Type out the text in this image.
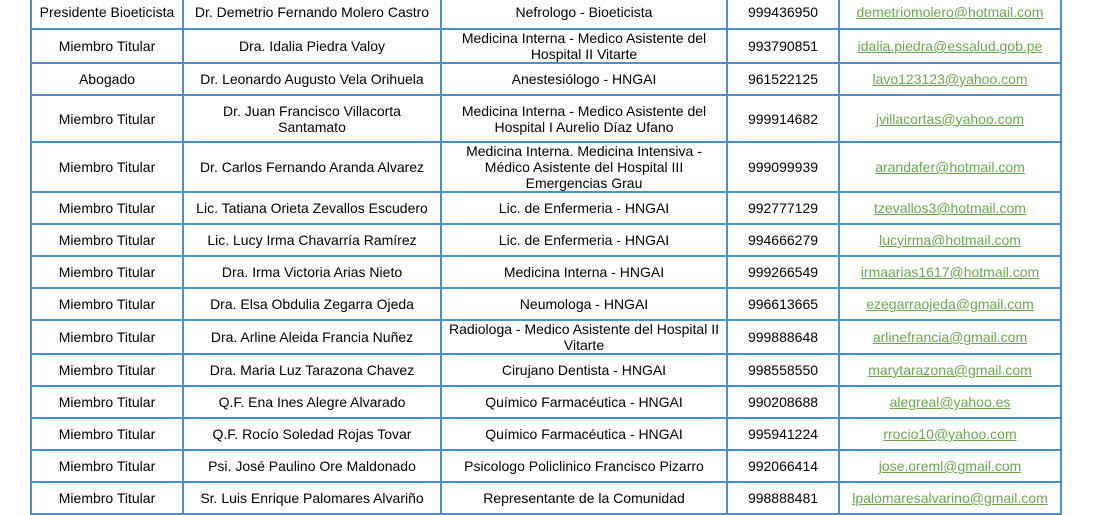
Presidente Bioeticista	Dr. Demetrio Fernando Molero Castro	Nefrologo - Bioeticista	999436950	demetriomolero@hotmail.com
Miembro Titular	Dra. Idalia Piedra Valoy	Medicina Interna - Medico Asistente del Hospital II Vitarte	993790851	idalia.piedra@essalud.gob.pe
Abogado	Dr. Leonardo Augusto Vela Orihuela	Anestesiólogo - HNGAI	961522125	lavo123123@yahoo.com
Miembro Titular	Dr. Juan Francisco Villacorta Santamato	Medicina Interna - Medico Asistente del Hospital I Aurelio Díaz Ufano	999914682	jvillacortas@yahoo.com
Miembro Titular	Dr. Carlos Fernando Aranda Alvarez	Medicina Interna. Medicina Intensiva -Médico Asistente del Hospital III Emergencias Grau	999099939	arandafer@hotmail.com
Miembro Titular	Lic. Tatiana Orieta Zevallos Escudero	Lic. de Enfermeria - HNGAI	992777129	tzevallos3@hotmail.com
Miembro Titular	Lic. Lucy Irma Chavarría Ramírez	Lic. de Enfermeria - HNGAI	994666279	lucyirma@hotmail.com
Miembro Titular	Dra. Irma Victoria Arias Nieto	Medicina Interna - HNGAI	999266549	irmaarias1617@hotmail.com
Miembro Titular	Dra. Elsa Obdulia Zegarra Ojeda	Neumologa - HNGAI	996613665	ezegarraojeda@gmail.com
Miembro Titular	Dra. Arline Aleida Francia Nuñez	Radiologa - Medico Asistente del Hospital II Vitarte	999888648	arlinefrancia@gmail.com
Miembro Titular	Dra. Maria Luz Tarazona Chavez	Cirujano Dentista - HNGAI	998558550	marytarazona@gmail.com
Miembro Titular	Q.F. Ena Ines Alegre Alvarado	Químico Farmacéutica - HNGAI	990208688	alegreal@yahoo.es
Miembro Titular	Q.F. Rocío Soledad Rojas Tovar	Químico Farmacéutica - HNGAI	995941224	rrocio10@yahoo.com
Miembro Titular	Psi. José Paulino Ore Maldonado	Psicologo Policlinico Francisco Pizarro	992066414	jose.oreml@gmail.com
Miembro Titular	Sr. Luis Enrique Palomares Alvariño	Representante de la Comunidad	998888481	lpalomaresalvarino@gmail.com
